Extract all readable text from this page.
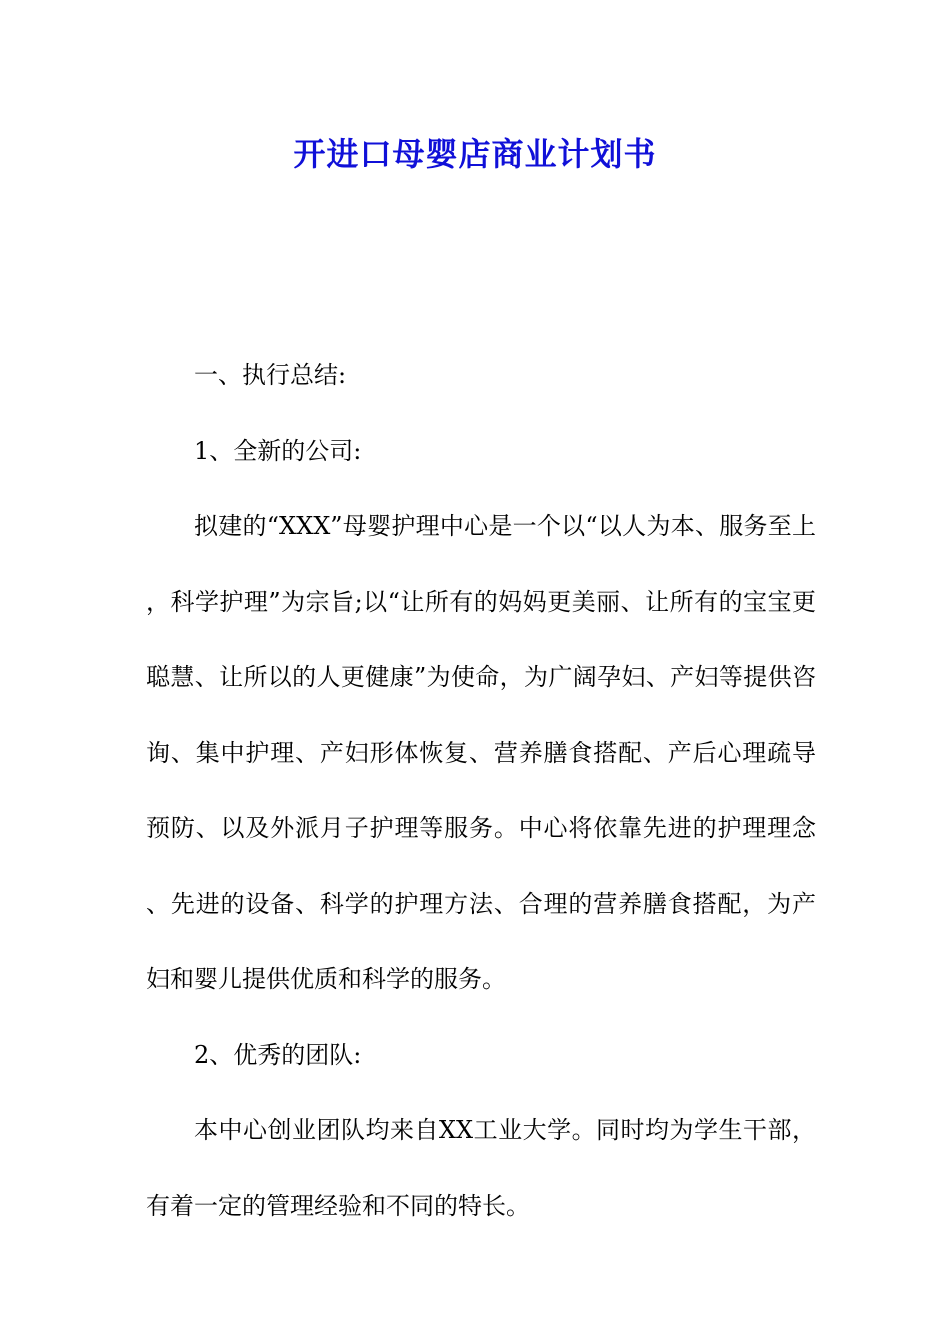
开进口母婴店商业计划书

一、执行总结:

1、全新的公司:

拟建的“XXX”母婴护理中心是一个以“以人为本、服务至上，科学护理”为宗旨;以“让所有的妈妈更美丽、让所有的宝宝更聪慧、让所以的人更健康”为使命，为广阔孕妇、产妇等提供咨询、集中护理、产妇形体恢复、营养膳食搭配、产后心理疏导预防、以及外派月子护理等服务。中心将依靠先进的护理理念、先进的设备、科学的护理方法、合理的营养膳食搭配，为产妇和婴儿提供优质和科学的服务。

2、优秀的团队:

本中心创业团队均来自XX工业大学。同时均为学生干部，有着一定的管理经验和不同的特长。
